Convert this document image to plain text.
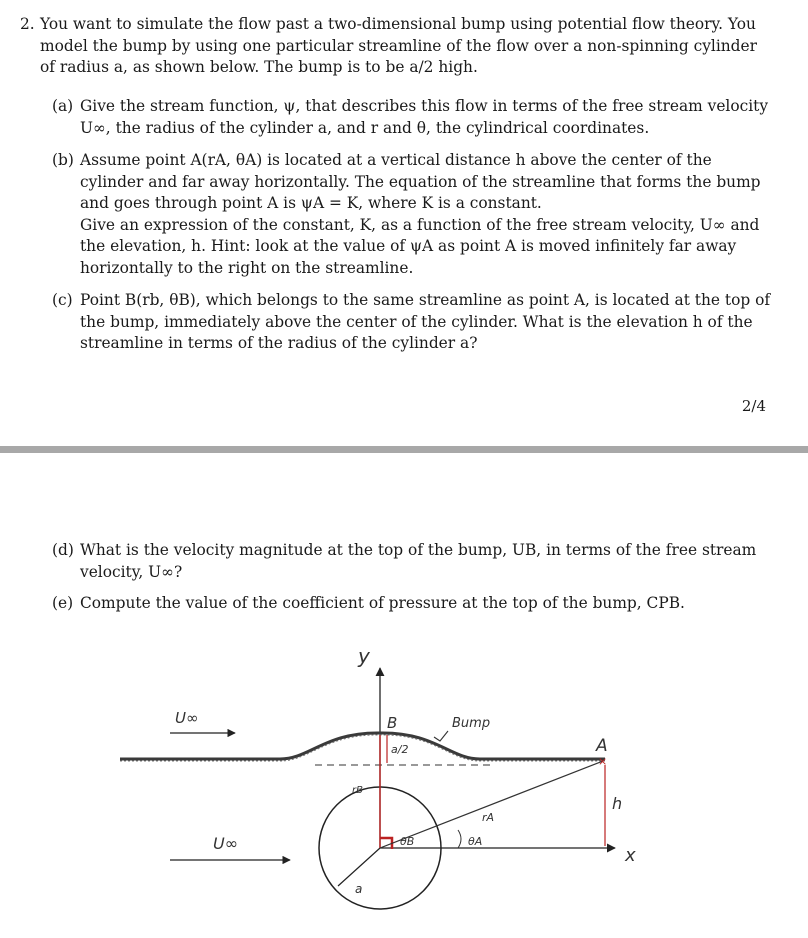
2. You want to simulate the flow past a two-dimensional bump using potential flow theory. You model the bump by using one particular streamline of the flow over a non-spinning cylinder of radius a, as shown below. The bump is to be a/2 high.
(a) Give the stream function, ψ, that describes this flow in terms of the free stream velocity U∞, the radius of the cylinder a, and r and θ, the cylindrical coordinates.
(b) Assume point A(rA, θA) is located at a vertical distance h above the center of the cylinder and far away horizontally. The equation of the streamline that forms the bump and goes through point A is ψA = K, where K is a constant.
Give an expression of the constant, K, as a function of the free stream velocity, U∞ and the elevation, h. Hint: look at the value of ψA as point A is moved infinitely far away horizontally to the right on the streamline.
(c) Point B(rb, θB), which belongs to the same streamline as point A, is located at the top of the bump, immediately above the center of the cylinder. What is the elevation h of the streamline in terms of the radius of the cylinder a?
2/4
(d) What is the velocity magnitude at the top of the bump, UB, in terms of the free stream velocity, U∞?
(e) Compute the value of the coefficient of pressure at the top of the bump, CPB.
y
x
a
rB
a/2
θB
rA
θA
B	Bump
A
×
h
U∞
U∞
